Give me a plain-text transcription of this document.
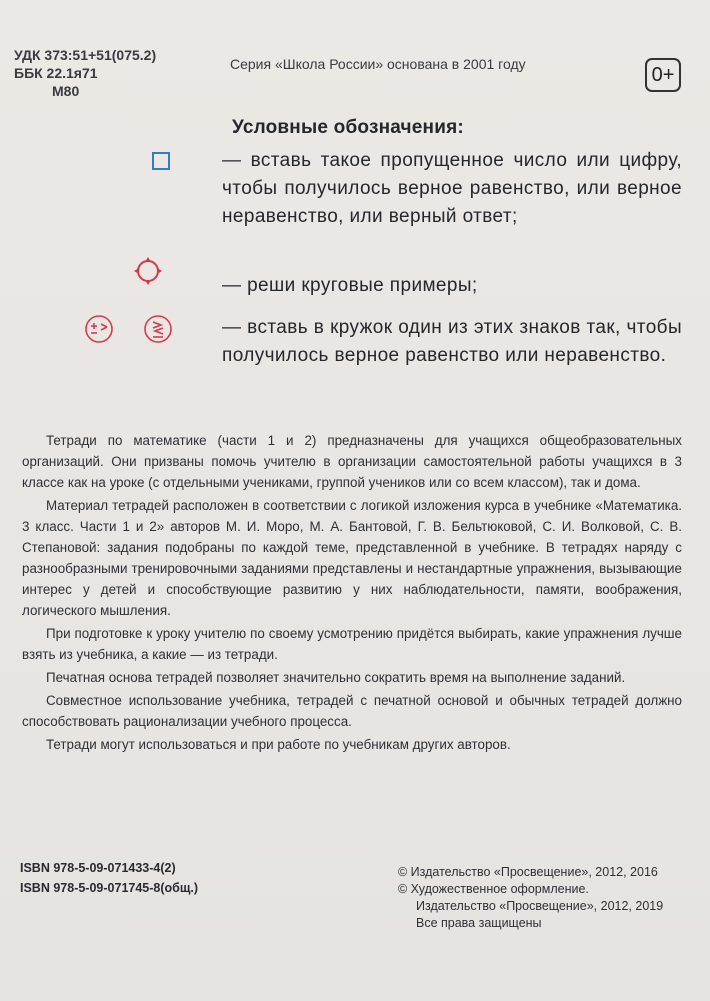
УДК 373:51+51(075.2)
ББК 22.1я71
М80
Серия «Школа России» основана в 2001 году	0+
Условные обозначения:
— вставь такое пропущенное число или цифру, чтобы получилось верное равенство, или верное неравенство, или верный ответ;
— реши круговые примеры;
— вставь в кружок один из этих знаков так, чтобы получилось верное равенство или неравенство.

Тетради по математике (части 1 и 2) предназначены для учащихся общеобразовательных организаций. Они призваны помочь учителю в организации самостоятельной работы учащихся в 3 классе как на уроке (с отдельными учениками, группой учеников или со всем классом), так и дома.

Материал тетрадей расположен в соответствии с логикой изложения курса в учебнике «Математика. 3 класс. Части 1 и 2» авторов М. И. Моро, М. А. Бантовой, Г. В. Бельтюковой, С. И. Волковой, С. В. Степановой: задания подобраны по каждой теме, представленной в учебнике. В тетрадях наряду с разнообразными тренировочными заданиями представлены и нестандартные упражнения, вызывающие интерес у детей и способствующие развитию у них наблюдательности, памяти, воображения, логического мышления.

При подготовке к уроку учителю по своему усмотрению придётся выбирать, какие упражнения лучше взять из учебника, а какие — из тетради.

Печатная основа тетрадей позволяет значительно сократить время на выполнение заданий.

Совместное использование учебника, тетрадей с печатной основой и обычных тетрадей должно способствовать рационализации учебного процесса.

Тетради могут использоваться и при работе по учебникам других авторов.

ISBN 978-5-09-071433-4(2)
ISBN 978-5-09-071745-8(общ.)
© Издательство «Просвещение», 2012, 2016
© Художественное оформление.
Издательство «Просвещение», 2012, 2019
Все права защищены
